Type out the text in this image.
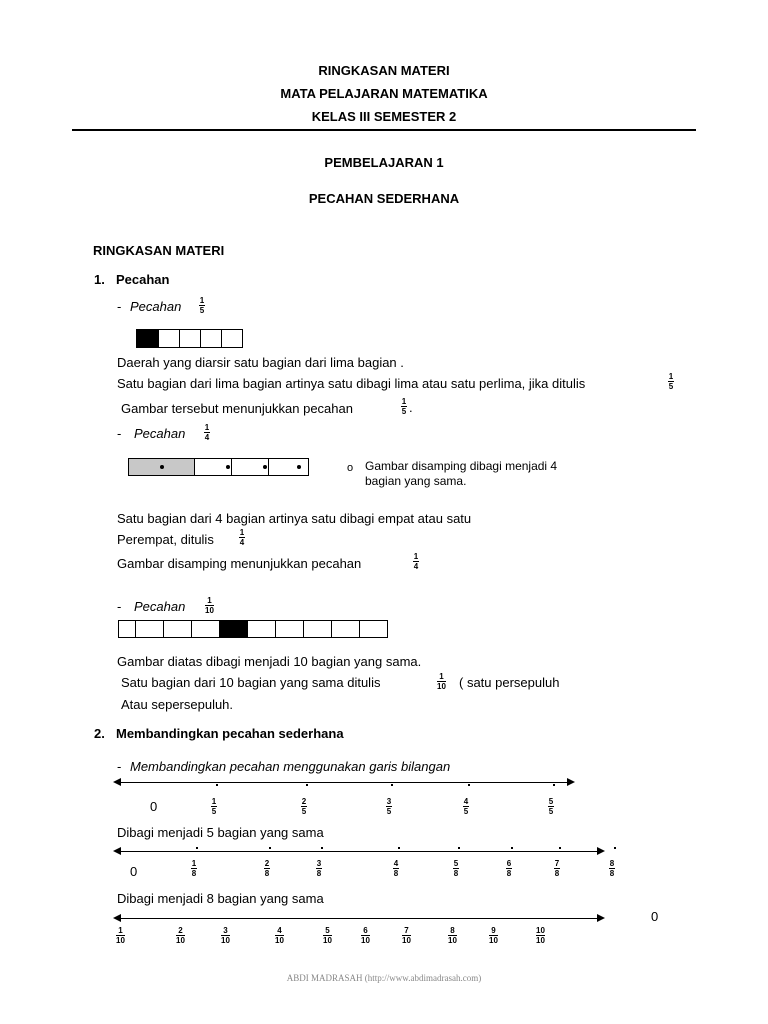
RINGKASAN MATERI
MATA PELAJARAN MATEMATIKA
KELAS III SEMESTER 2
PEMBELAJARAN 1
PECAHAN SEDERHANA
RINGKASAN MATERI
1. Pecahan
- Pecahan 1
5
Daerah yang diarsir satu bagian dari lima bagian .
Satu bagian dari lima bagian artinya satu dibagi lima atau satu perlima, jika ditulis	1
5
Gambar tersebut menunjukkan pecahan	1
5 .
- Pecahan 1
4
o Gambar disamping dibagi menjadi 4
bagian yang sama.
Satu bagian dari 4 bagian artinya satu dibagi empat atau satu
Perempat, ditulis	1
4
Gambar disamping menunjukkan pecahan	1
4
- Pecahan	1
10
Gambar diatas dibagi menjadi 10 bagian yang sama.
Satu bagian dari 10 bagian yang sama ditulis	1
10 ( satu persepuluh
Atau sepersepuluh.
2. Membandingkan pecahan sederhana
- Membandingkan pecahan menggunakan garis bilangan
0	1
5
2
5
3
5
4
5
5
5
Dibagi menjadi 5 bagian yang sama
0
1
8
2
8
3
8
4
8
5
8
6
8
7
8
8
8
Dibagi menjadi 8 bagian yang sama
0
1
10
2
10
3
10
4
10
5
10
6
10
7
10
8
10
9
10
10
10
ABDI MADRASAH (http://www.abdimadrasah.com)
